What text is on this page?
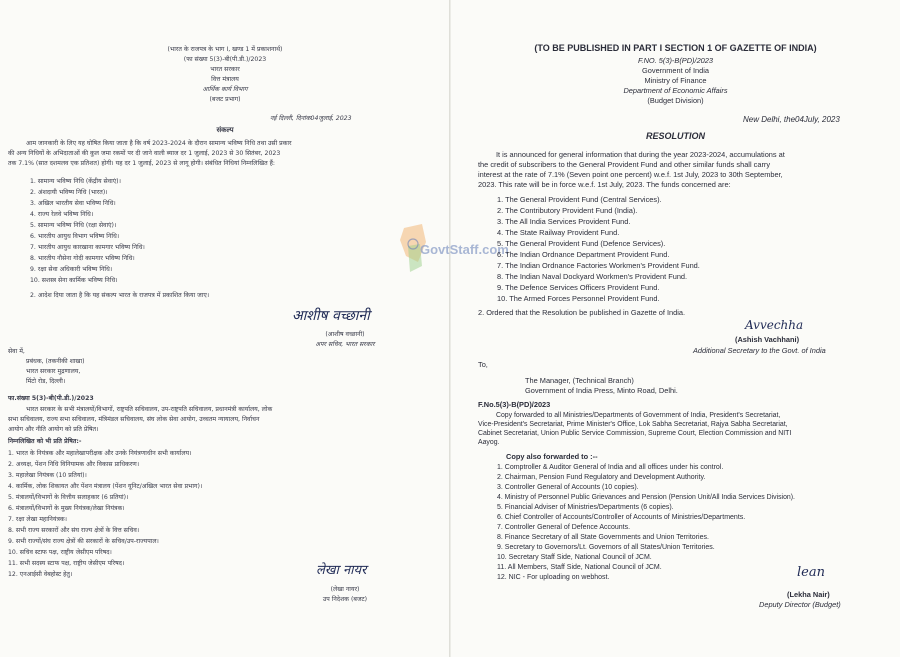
(भारत के राजपत्र के भाग I, खण्ड 1 में प्रकाशनार्थ)
(फा संख्या 5(3)-बी(पी.डी.)/2023
भारत सरकार
वित्त मंत्रालय
आर्थिक कार्य विभाग
(बजट प्रभाग)
नई दिल्ली, दिनांक04जुलाई, 2023
संकल्प
आम जानकारी के लिए यह घोषित किया जाता है कि वर्ष 2023-2024 के दौरान सामान्य भविष्य निधि तथा उसी प्रकार
की अन्य निधियों के अभिदाताओं की कुल जमा रकमों पर दी जाने वाली ब्याज दर 1 जुलाई, 2023 से 30 सितंबर, 2023
तक 7.1% (सात दशमलव एक प्रतिशत) होगी। यह दर 1 जुलाई, 2023 से लागू होगी। संबंधित निधियां निम्नलिखित हैं:
1. सामान्य भविष्य निधि (केंद्रीय सेवाएं)।
2. अंशदायी भविष्य निधि (भारत)।
3. अखिल भारतीय सेवा भविष्य निधि।
4. राज्य रेलवे भविष्य निधि।
5. सामान्य भविष्य निधि (रक्षा सेवाएं)।
6. भारतीय आयुध विभाग भविष्य निधि।
7. भारतीय आयुध कारखाना कामगार भविष्य निधि।
8. भारतीय नौसेना गोदी कामगार भविष्य निधि।
9. रक्षा सेवा अधिकारी भविष्य निधि।
10. सशस्त्र सेना कार्मिक भविष्य निधि।
2. आदेश दिया जाता है कि यह संकल्प भारत के राजपत्र में प्रकाशित किया जाए।
आशीष वच्छानी
(आशीष वच्छानी)
अपर सचिव, भारत सरकार
सेवा में,
प्रबंधक, (तकनीकी शाखा)
भारत सरकार मुद्रणालय,
मिंटो रोड, दिल्ली।
फा.संख्या 5(3)-बी(पी.डी.)/2023
भारत सरकार के सभी मंत्रालयों/विभागों, राष्ट्रपति सचिवालय, उप-राष्ट्रपति सचिवालय, प्रधानमंत्री कार्यालय, लोक
सभा सचिवालय, राज्य सभा सचिवालय, मंत्रिमंडल सचिवालय, संघ लोक सेवा आयोग, उच्चतम न्यायालय, निर्वाचन
आयोग और नीति आयोग को प्रति प्रेषित।
निम्नलिखित को भी प्रति प्रेषित:-
1. भारत के नियंत्रक और महालेखापरीक्षक और उनके नियंत्रणाधीन सभी कार्यालय।
2. अध्यक्ष, पेंशन निधि विनियामक और विकास प्राधिकरण।
3. महालेखा नियंत्रक (10 प्रतियां)।
4. कार्मिक, लोक शिकायत और पेंशन मंत्रालय (पेंशन यूनिट/अखिल भारत सेवा प्रभाग)।
5. मंत्रालयों/विभागों के वित्तीय सलाहकार (6 प्रतियां)।
6. मंत्रालयों/विभागों के मुख्य नियंत्रक/लेखा नियंत्रक।
7. रक्षा लेखा महानियंत्रक।
8. सभी राज्य सरकारों और संघ राज्य क्षेत्रों के वित्त सचिव।
9. सभी राज्यों/संघ राज्य क्षेत्रों की सरकारों के सचिव/उप-राज्यपाल।
10. सचिव स्टाफ पक्ष, राष्ट्रीय जेसीएम परिषद।
11. सभी सदस्य स्टाफ पक्ष, राष्ट्रीय जेसीएम परिषद।
12. एनआईसी वेबहोस्ट हेतु।	लेखा नायर
(लेखा नायर)
उप निदेशक (बजट)
GovtStaff.com
(TO BE PUBLISHED IN PART I SECTION 1 OF GAZETTE OF INDIA)
F.NO. 5(3)-B(PD)/2023
Government of India
Ministry of Finance
Department of Economic Affairs
(Budget Division)
New Delhi, the04July, 2023
RESOLUTION
It is announced for general information that during the year 2023-2024, accumulations at
the credit of subscribers to the General Provident Fund and other similar funds shall carry
interest at the rate of 7.1% (Seven point one percent) w.e.f. 1st July, 2023 to 30th September,
2023. This rate will be in force w.e.f. 1st July, 2023. The funds concerned are:
1. The General Provident Fund (Central Services).
2. The Contributory Provident Fund (India).
3. The All India Services Provident Fund.
4. The State Railway Provident Fund.
5. The General Provident Fund (Defence Services).
6. The Indian Ordnance Department Provident Fund.
7. The Indian Ordnance Factories Workmen's Provident Fund.
8. The Indian Naval Dockyard Workmen's Provident Fund.
9. The Defence Services Officers Provident Fund.
10. The Armed Forces Personnel Provident Fund.
2. Ordered that the Resolution be published in Gazette of India.
Avvechha
(Ashish Vachhani)
Additional Secretary to the Govt. of India
To,
The Manager, (Technical Branch)
Government of India Press, Minto Road, Delhi.
F.No.5(3)-B(PD)/2023
Copy forwarded to all Ministries/Departments of Government of India, President's Secretariat,
Vice-President's Secretariat, Prime Minister's Office, Lok Sabha Secretariat, Rajya Sabha Secretariat,
Cabinet Secretariat, Union Public Service Commission, Supreme Court, Election Commission and NITI
Aayog.
Copy also forwarded to :--
1. Comptroller & Auditor General of India and all offices under his control.
2. Chairman, Pension Fund Regulatory and Development Authority.
3. Controller General of Accounts (10 copies).
4. Ministry of Personnel Public Grievances and Pension (Pension Unit/All India Services Division).
5. Financial Adviser of Ministries/Departments (6 copies).
6. Chief Controller of Accounts/Controller of Accounts of Ministries/Departments.
7. Controller General of Defence Accounts.
8. Finance Secretary of all State Governments and Union Territories.
9. Secretary to Governors/Lt. Governors of all States/Union Territories.
10. Secretary Staff Side, National Council of JCM.
11. All Members, Staff Side, National Council of JCM.
12. NIC - For uploading on webhost.	lean
(Lekha Nair)
Deputy Director (Budget)
